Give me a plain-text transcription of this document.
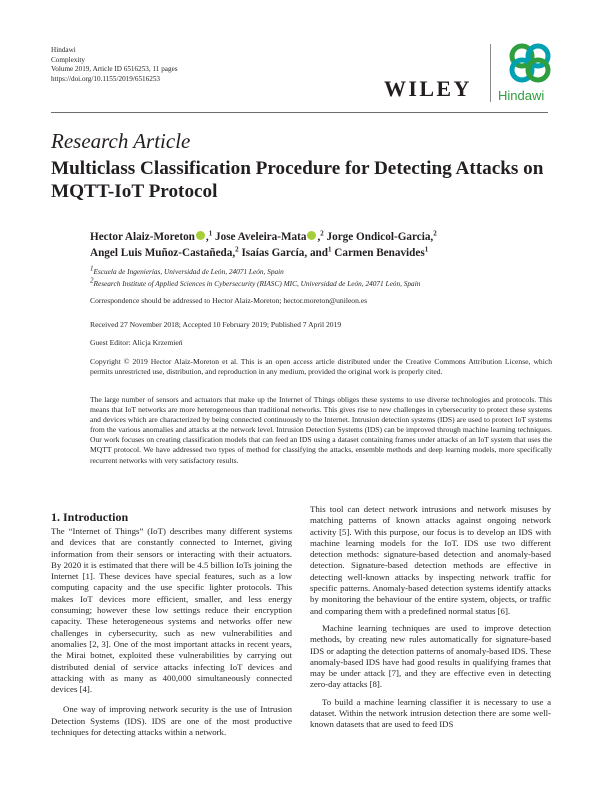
Hindawi
Complexity
Volume 2019, Article ID 6516253, 11 pages
https://doi.org/10.1155/2019/6516253	WILEY Hindawi
Research Article
Multiclass Classification Procedure for Detecting Attacks on MQTT-IoT Protocol
Hector Alaiz-Moreton ,$^1$ Jose Aveleira-Mata ,$^2$ Jorge Ondicol-Garcia,$^2$
Angel Luis Muñoz-Castañeda,$^2$ Isaías García, and$^1$ Carmen Benavides$^1$
$^1$Escuela de Ingenierías, Universidad de León, 24071 León, Spain
$^2$Research Institute of Applied Sciences in Cybersecurity (RIASC) MIC, Universidad de León, 24071 León, Spain
Correspondence should be addressed to Hector Alaiz-Moreton; hector.moreton@unileon.es
Received 27 November 2018; Accepted 10 February 2019; Published 7 April 2019
Guest Editor: Alicja Krzemień
Copyright © 2019 Hector Alaiz-Moreton et al. This is an open access article distributed under the Creative Commons Attribution License, which permits unrestricted use, distribution, and reproduction in any medium, provided the original work is properly cited.
The large number of sensors and actuators that make up the Internet of Things obliges these systems to use diverse technologies and protocols. This means that IoT networks are more heterogeneous than traditional networks. This gives rise to new challenges in cybersecurity to protect these systems and devices which are characterized by being connected continuously to the Internet. Intrusion detection systems (IDS) are used to protect IoT systems from the various anomalies and attacks at the network level. Intrusion Detection Systems (IDS) can be improved through machine learning techniques. Our work focuses on creating classification models that can feed an IDS using a dataset containing frames under attacks of an IoT system that uses the MQTT protocol. We have addressed two types of method for classifying the attacks, ensemble methods and deep learning models, more specifically recurrent networks with very satisfactory results.
1. Introduction

The “Internet of Things” (IoT) describes many different systems and devices that are constantly connected to Internet, giving information from their sensors or interacting with their actuators. By 2020 it is estimated that there will be 4.5 billion IoTs joining the Internet [1]. These devices have special features, such as a low computing capacity and the use specific lighter protocols. This makes IoT devices more efficient, smaller, and less energy consuming; however these low settings reduce their encryption capacity. These heterogeneous systems and networks offer new challenges in cybersecurity, such as new vulnerabilities and anomalies [2, 3]. One of the most important attacks in recent years, the Mirai botnet, exploited these vulnerabilities by carrying out distributed denial of service attacks infecting IoT devices and attacking with as many as 400,000 simultaneously connected devices [4].

One way of improving network security is the use of Intrusion Detection Systems (IDS). IDS are one of the most productive techniques for detecting attacks within a network.

This tool can detect network intrusions and network misuses by matching patterns of known attacks against ongoing network activity [5]. With this purpose, our focus is to develop an IDS with machine learning models for the IoT. IDS use two different detection methods: signature-based detection and anomaly-based detection. Signature-based detection methods are effective in detecting well-known attacks by inspecting network traffic for specific patterns. Anomaly-based detection systems identify attacks by monitoring the behaviour of the entire system, objects, or traffic and comparing them with a predefined normal status [6].

Machine learning techniques are used to improve detection methods, by creating new rules automatically for signature-based IDS or adapting the detection patterns of anomaly-based IDS. These anomaly-based IDS have had good results in qualifying frames that may be under attack [7], and they are effective even in detecting zero-day attacks [8].

To build a machine learning classifier it is necessary to use a dataset. Within the network intrusion detection there are some well-known datasets that are used to feed IDS
